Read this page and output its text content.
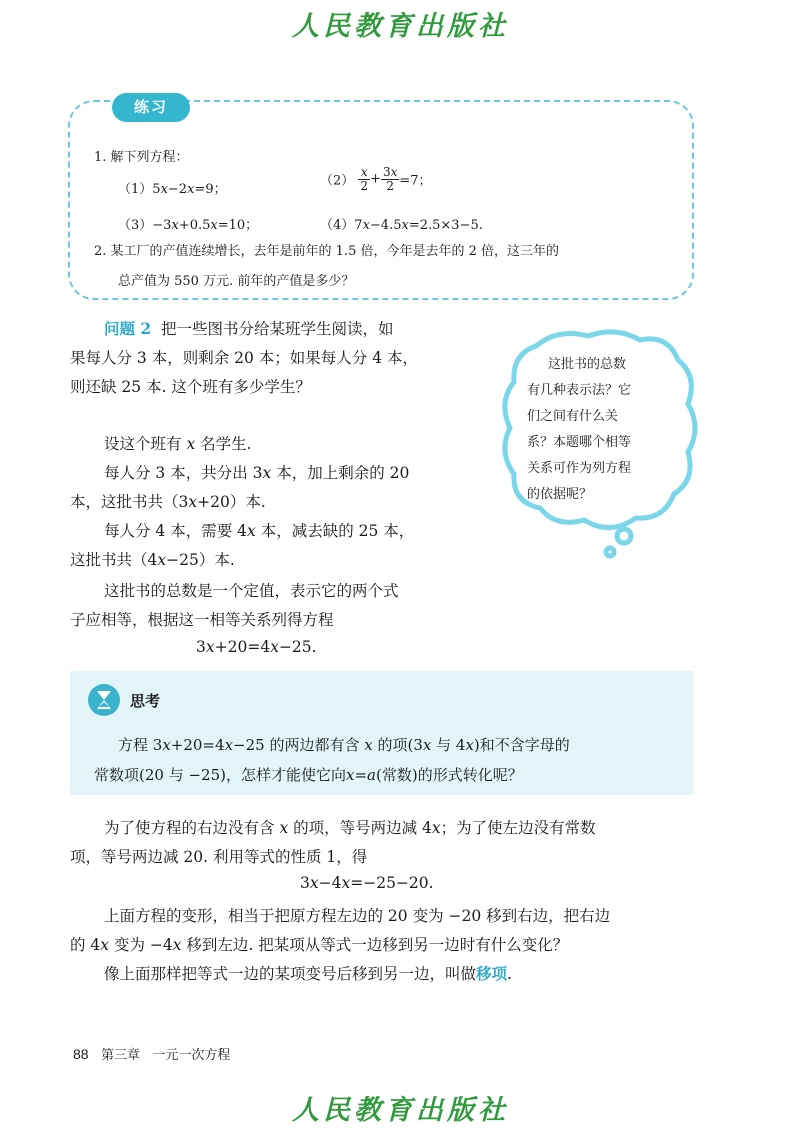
人民教育出版社
练习
1. 解下列方程：
（1）5x−2x=9；
$(2) \frac{x}{2} + \frac{3x}{2} =7$；
（3）−3x+0.5x=10；	（4）7x−4.5x=2.5×3−5.
2. 某工厂的产值连续增长，去年是前年的 1.5 倍，今年是去年的 2 倍，这三年的
总产值为 550 万元. 前年的产值是多少？
问题 2 把一些图书分给某班学生阅读，如
果每人分 3 本，则剩余 20 本；如果每人分 4 本，
则还缺 25 本. 这个班有多少学生？
设这个班有 x 名学生.
每人分 3 本，共分出 3x 本，加上剩余的 20
本，这批书共（3x+20）本.
每人分 4 本，需要 4x 本，减去缺的 25 本，
这批书共（4x−25）本.
这批书的总数是一个定值，表示它的两个式
子应相等，根据这一相等关系列得方程
3x+20=4x−25.
这批书的总数
有几种表示法？它
们之间有什么关
系？本题哪个相等
关系可作为列方程
的依据呢？
思考
方程 3x+20=4x−25 的两边都有含 x 的项(3x 与 4x)和不含字母的
常数项(20 与 −25)，怎样才能使它向x=a(常数)的形式转化呢？
为了使方程的右边没有含 x 的项，等号两边减 4x；为了使左边没有常数
项，等号两边减 20. 利用等式的性质 1，得
3x−4x=−25−20.
上面方程的变形，相当于把原方程左边的 20 变为 −20 移到右边，把右边
的 4x 变为 −4x 移到左边. 把某项从等式一边移到另一边时有什么变化？
像上面那样把等式一边的某项变号后移到另一边，叫做移项.
88 第三章 一元一次方程
人民教育出版社
